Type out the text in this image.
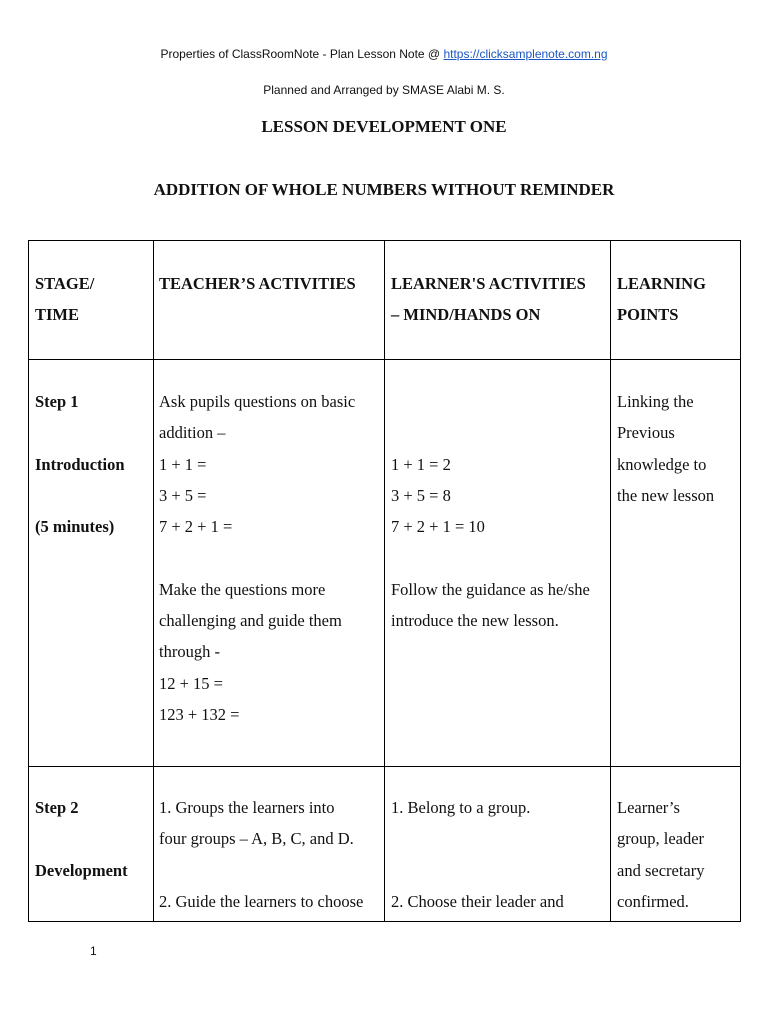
Properties of ClassRoomNote - Plan Lesson Note @ https://clicksamplenote.com.ng
Planned and Arranged by SMASE Alabi M. S.
LESSON DEVELOPMENT ONE
ADDITION OF WHOLE NUMBERS WITHOUT REMINDER
STAGE/
TIME
TEACHER’S ACTIVITIES	LEARNER'S ACTIVITIES
– MIND/HANDS ON
LEARNING
POINTS
Step 1
Introduction
(5 minutes)
Ask pupils questions on basic
addition –
1 + 1 =
3 + 5 =
7 + 2 + 1 =
Make the questions more
challenging and guide them
through -
12 + 15 =
123 + 132 =
1 + 1 = 2
3 + 5 = 8
7 + 2 + 1 = 10
Follow the guidance as he/she
introduce the new lesson.
Linking the
Previous
knowledge to
the new lesson
Step 2
Development
1. Groups the learners into
four groups – A, B, C, and D.
2. Guide the learners to choose
1. Belong to a group.
2. Choose their leader and
Learner’s
group, leader
and secretary
confirmed.
1
